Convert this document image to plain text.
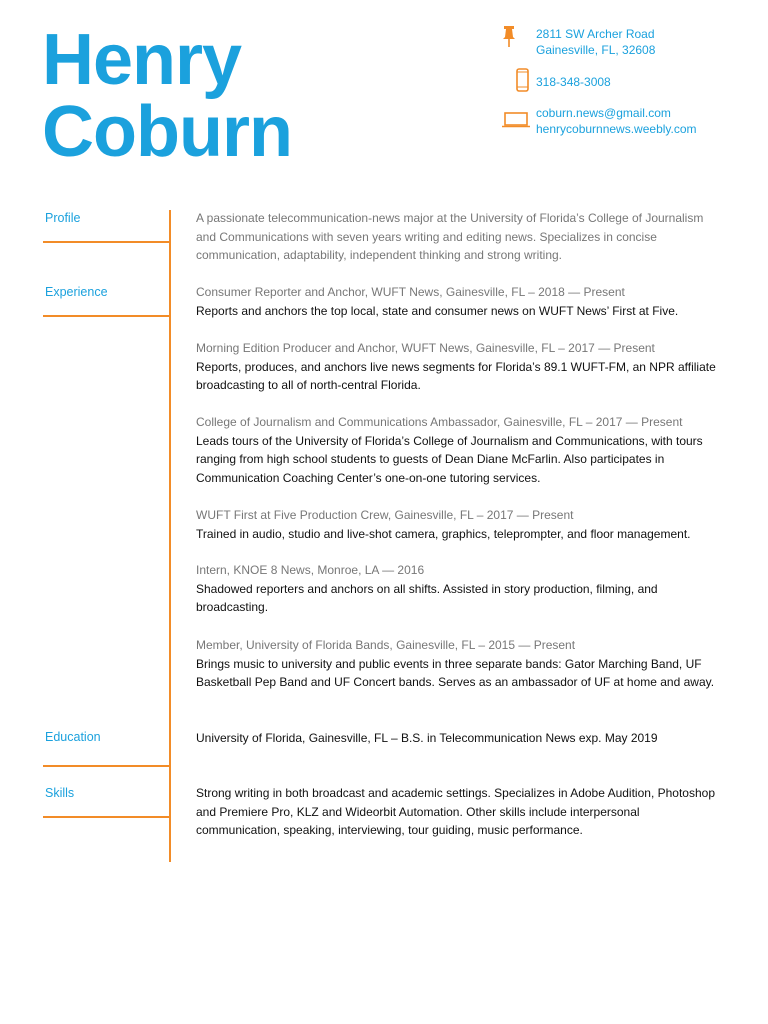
Henry
Coburn
2811 SW Archer Road
Gainesville, FL, 32608
318-348-3008
coburn.news@gmail.com
henrycoburnnews.weebly.com
Profile
Experience
Education
Skills
A passionate telecommunication-news major at the University of Florida’s College of Journalism and Communications with seven years writing and editing news. Specializes in concise communication, adaptability, independent thinking and strong writing.
Consumer Reporter and Anchor, WUFT News, Gainesville, FL – 2018 — Present
Reports and anchors the top local, state and consumer news on WUFT News’ First at Five.
Morning Edition Producer and Anchor, WUFT News, Gainesville, FL – 2017 — Present
Reports, produces, and anchors live news segments for Florida’s 89.1 WUFT-FM, an NPR affiliate broadcasting to all of north-central Florida.
College of Journalism and Communications Ambassador, Gainesville, FL – 2017 — Present
Leads tours of the University of Florida’s College of Journalism and Communications, with tours ranging from high school students to guests of Dean Diane McFarlin. Also participates in Communication Coaching Center’s one-on-one tutoring services.
WUFT First at Five Production Crew, Gainesville, FL – 2017 — Present
Trained in audio, studio and live-shot camera, graphics, teleprompter, and floor management.
Intern, KNOE 8 News, Monroe, LA — 2016
Shadowed reporters and anchors on all shifts. Assisted in story production, filming, and broadcasting.
Member, University of Florida Bands, Gainesville, FL – 2015 — Present
Brings music to university and public events in three separate bands: Gator Marching Band, UF Basketball Pep Band and UF Concert bands. Serves as an ambassador of UF at home and away.
University of Florida, Gainesville, FL – B.S. in Telecommunication News exp. May 2019
Strong writing in both broadcast and academic settings. Specializes in Adobe Audition, Photoshop and Premiere Pro, KLZ and Wideorbit Automation. Other skills include interpersonal communication, speaking, interviewing, tour guiding, music performance.
